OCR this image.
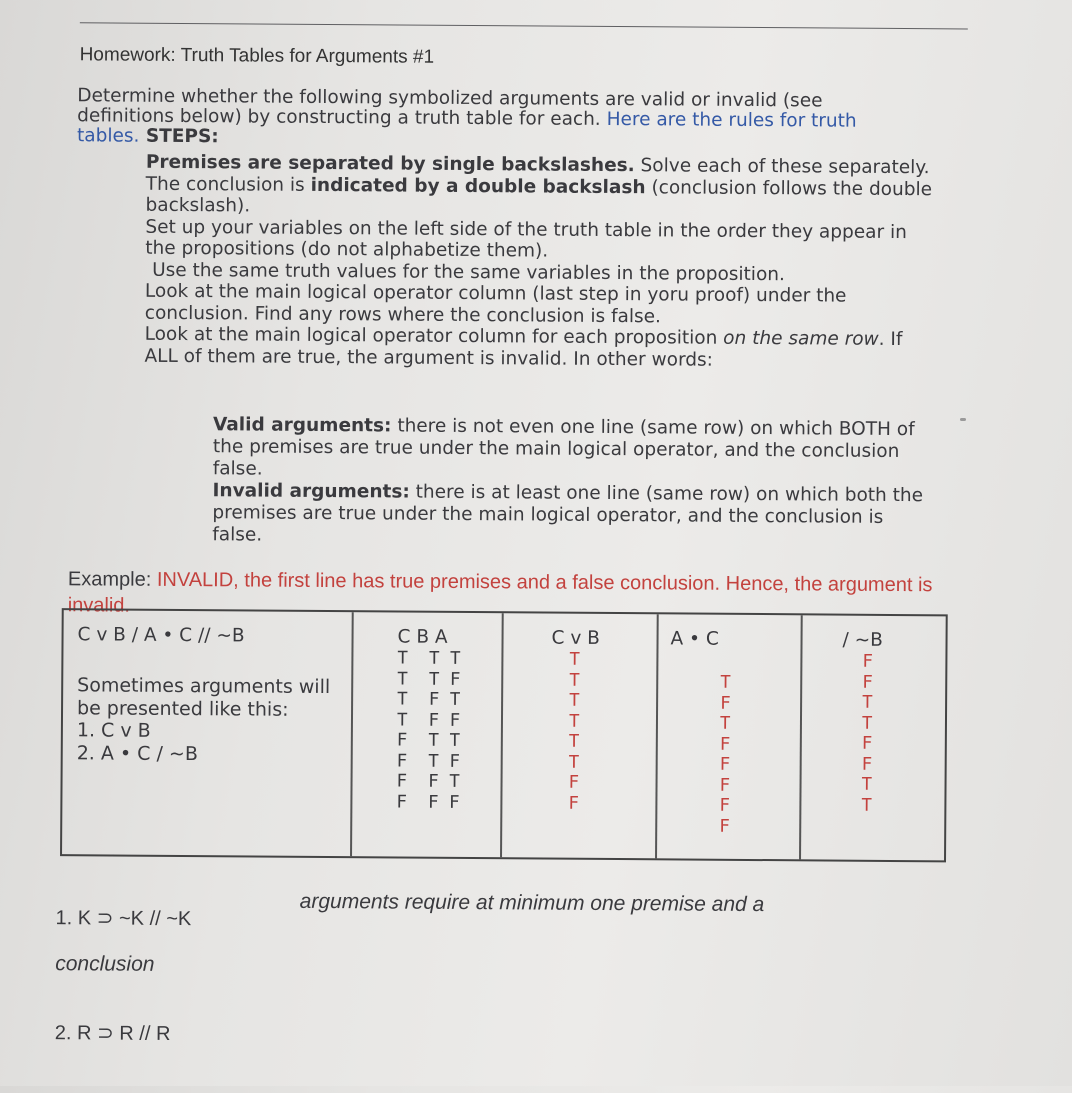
Homework: Truth Tables for Arguments #1
Determine whether the following symbolized arguments are valid or invalid (see definitions below) by constructing a truth table for each. Here are the rules for truth tables. STEPS:
Premises are separated by single backslashes. Solve each of these separately.
The conclusion is indicated by a double backslash (conclusion follows the double backslash).
Set up your variables on the left side of the truth table in the order they appear in the propositions (do not alphabetize them).
Use the same truth values for the same variables in the proposition.
Look at the main logical operator column (last step in yoru proof) under the conclusion. Find any rows where the conclusion is false.
Look at the main logical operator column for each proposition on the same row. If ALL of them are true, the argument is invalid. In other words:
Valid arguments: there is not even one line (same row) on which BOTH of the premises are true under the main logical operator, and the conclusion false.
Invalid arguments: there is at least one line (same row) on which both the premises are true under the main logical operator, and the conclusion is false.
Example: INVALID, the first line has true premises and a false conclusion. Hence, the argument is invalid.
C v B / A • C // ~B
Sometimes arguments will be presented like this:
1. C v B
2. A • C / ~B
C B A
T  T T
T  T F
T  F T
T  F F
F  T T
F  T F
F  F T
F  F F
C v B
T
T
T
T
T
T
F
F
A • C
T
F
T
F
F
F
F
F
/ ~B
F
F
T
T
F
F
T
T
1. K ⊃ ~K // ~K
arguments require at minimum one premise and a
conclusion
2. R ⊃ R // R
